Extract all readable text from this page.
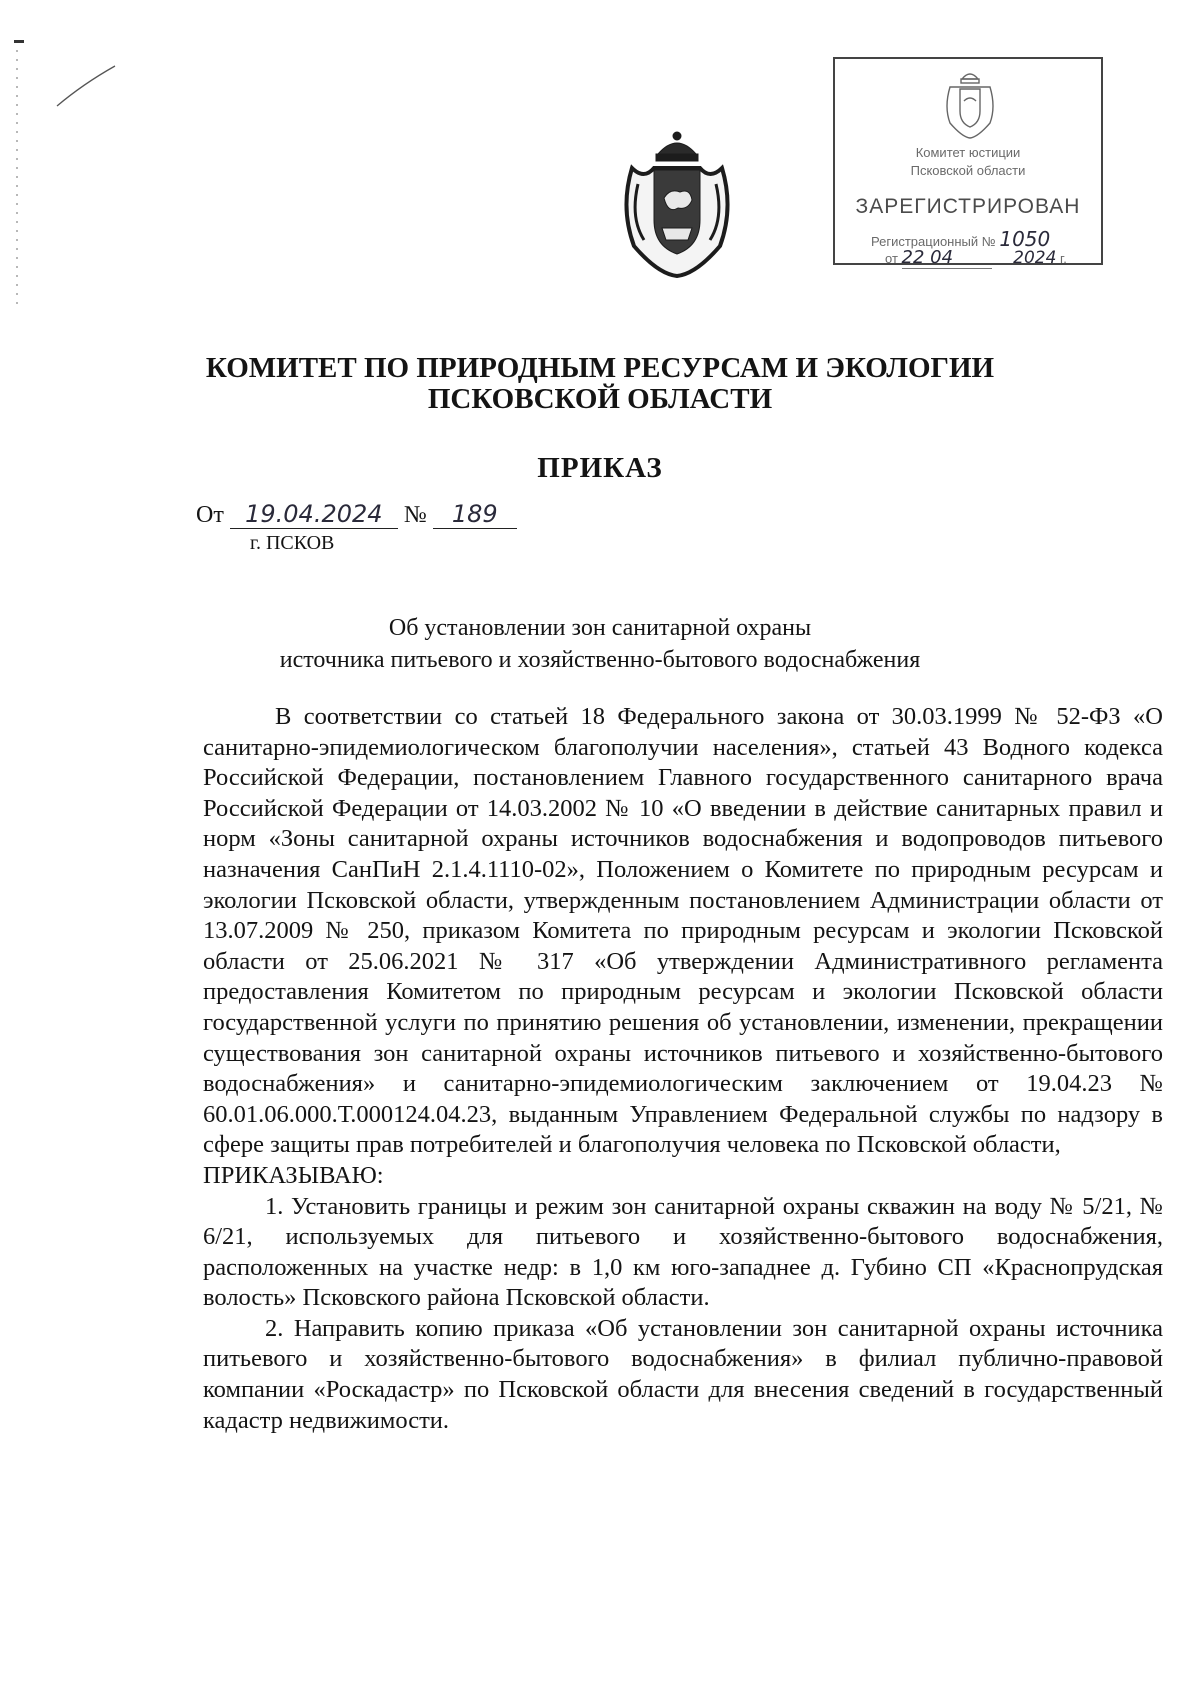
Комитет юстиции
Псковской области
ЗАРЕГИСТРИРОВАН
Регистрационный № 1050
от 22 04	2024 г.
КОМИТЕТ ПО ПРИРОДНЫМ РЕСУРСАМ И ЭКОЛОГИИ
ПСКОВСКОЙ ОБЛАСТИ
ПРИКАЗ
От 19.04.2024 № 189
г. ПСКОВ
Об установлении зон санитарной охраны
источника питьевого и хозяйственно-бытового водоснабжения

В соответствии со статьей 18 Федерального закона от 30.03.1999 № 52-ФЗ «О санитарно-эпидемиологическом благополучии населения», статьей 43 Водного кодекса Российской Федерации, постановлением Главного государственного санитарного врача Российской Федерации от 14.03.2002 № 10 «О введении в действие санитарных правил и норм «Зоны санитарной охраны источников водоснабжения и водопроводов питьевого назначения СанПиН 2.1.4.1110-02», Положением о Комитете по природным ресурсам и экологии Псковской области, утвержденным постановлением Администрации области от 13.07.2009 № 250, приказом Комитета по природным ресурсам и экологии Псковской области от 25.06.2021 № 317 «Об утверждении Административного регламента предоставления Комитетом по природным ресурсам и экологии Псковской области государственной услуги по принятию решения об установлении, изменении, прекращении существования зон санитарной охраны источников питьевого и хозяйственно-бытового водоснабжения» и санитарно-эпидемиологическим заключением от 19.04.23 № 60.01.06.000.Т.000124.04.23, выданным Управлением Федеральной службы по надзору в сфере защиты прав потребителей и благополучия человека по Псковской области,

ПРИКАЗЫВАЮ:

1. Установить границы и режим зон санитарной охраны скважин на воду № 5/21, № 6/21, используемых для питьевого и хозяйственно-бытового водоснабжения, расположенных на участке недр: в 1,0 км юго-западнее д. Губино СП «Краснопрудская волость» Псковского района Псковской области.

2. Направить копию приказа «Об установлении зон санитарной охраны источника питьевого и хозяйственно-бытового водоснабжения» в филиал публично-правовой компании «Роскадастр» по Псковской области для внесения сведений в государственный кадастр недвижимости.
